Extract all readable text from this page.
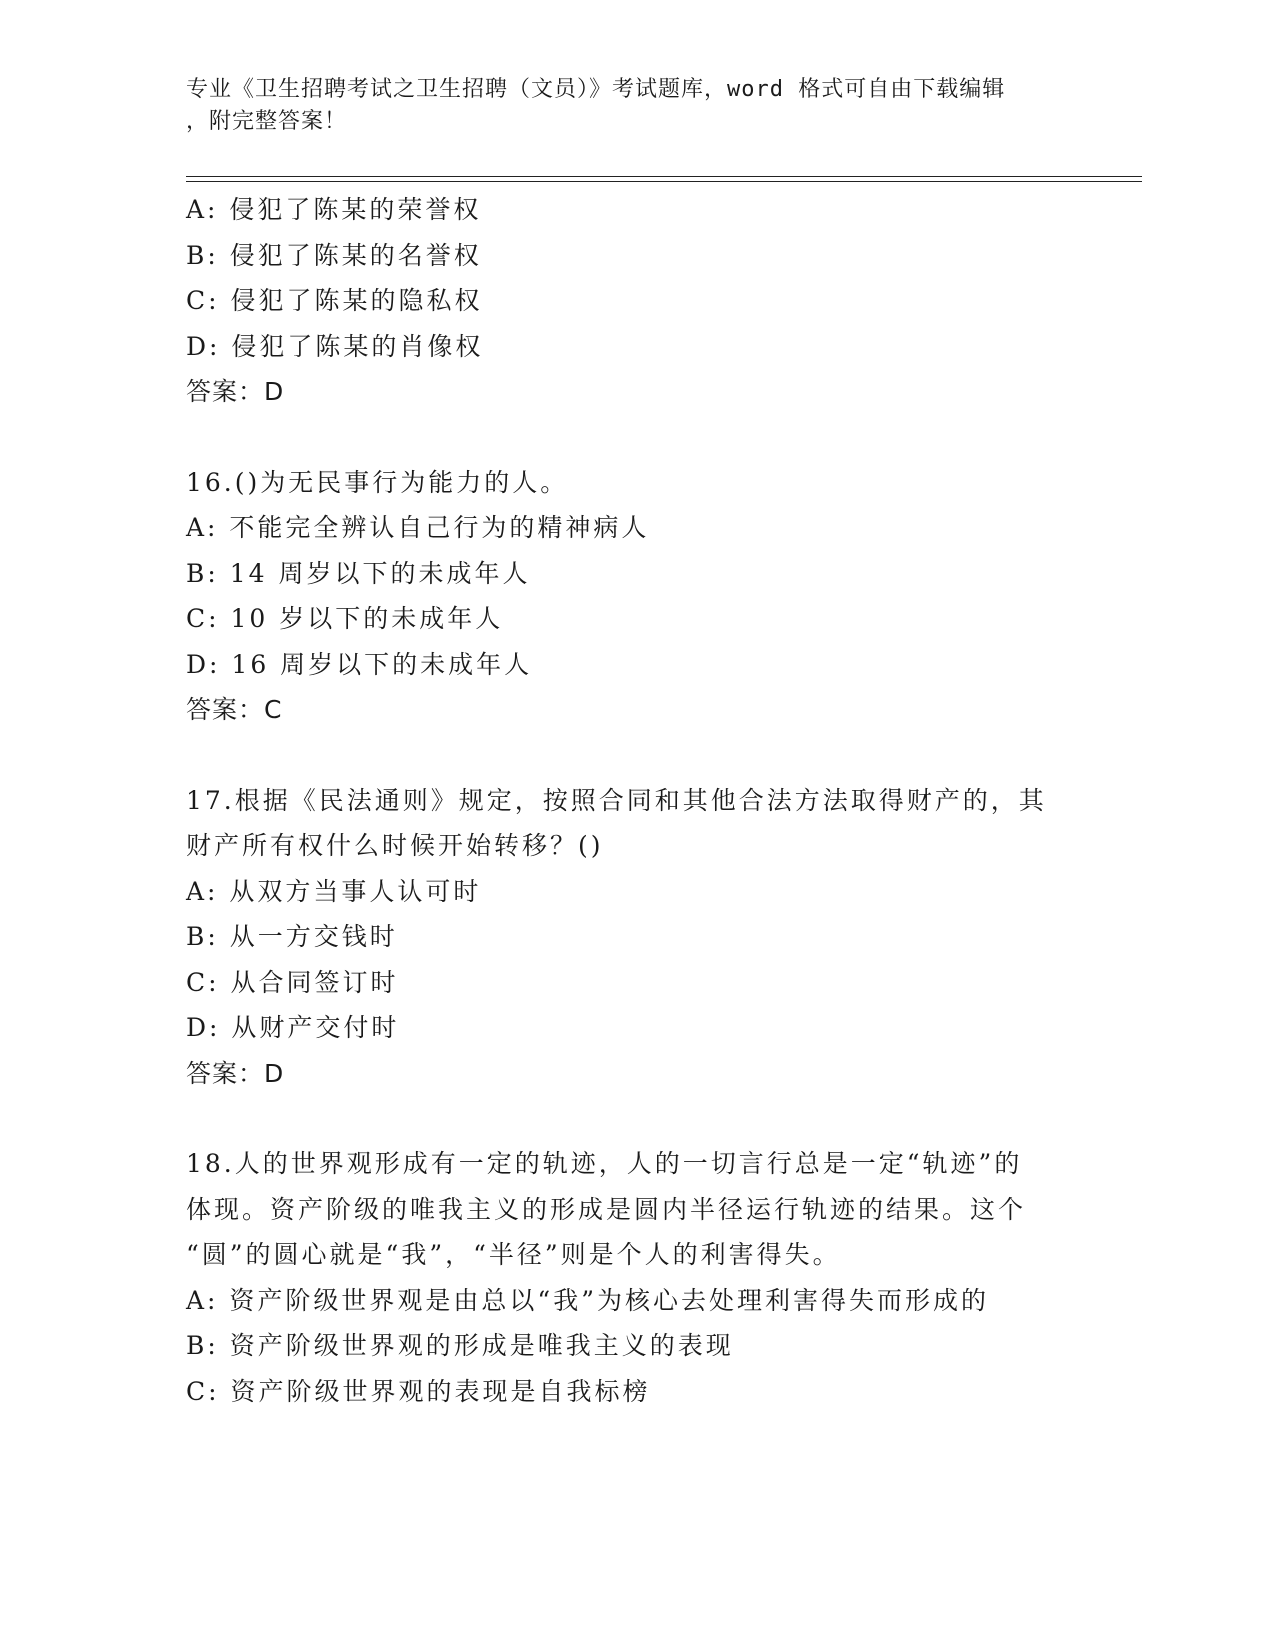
专业《卫生招聘考试之卫生招聘（文员）》考试题库，word 格式可自由下载编辑
，附完整答案！
A: 侵犯了陈某的荣誉权
B: 侵犯了陈某的名誉权
C: 侵犯了陈某的隐私权
D: 侵犯了陈某的肖像权
答案：D
16.()为无民事行为能力的人。
A: 不能完全辨认自己行为的精神病人
B: 14 周岁以下的未成年人
C: 10 岁以下的未成年人
D: 16 周岁以下的未成年人
答案：C
17.根据《民法通则》规定，按照合同和其他合法方法取得财产的，其
财产所有权什么时候开始转移？()
A: 从双方当事人认可时
B: 从一方交钱时
C: 从合同签订时
D: 从财产交付时
答案：D
18.人的世界观形成有一定的轨迹，人的一切言行总是一定“轨迹”的
体现。资产阶级的唯我主义的形成是圆内半径运行轨迹的结果。这个
“圆”的圆心就是“我”，“半径”则是个人的利害得失。
A: 资产阶级世界观是由总以“我”为核心去处理利害得失而形成的
B: 资产阶级世界观的形成是唯我主义的表现
C: 资产阶级世界观的表现是自我标榜
